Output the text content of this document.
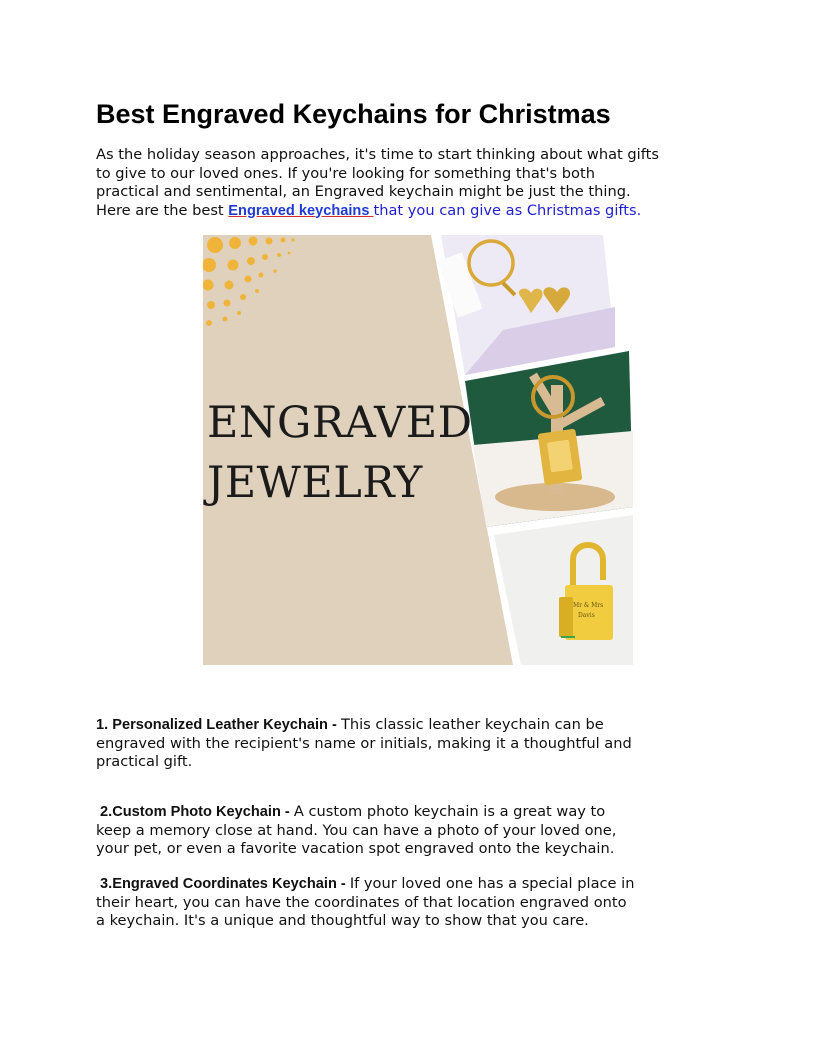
Best Engraved Keychains for Christmas
As the holiday season approaches, it's time to start thinking about what gifts
to give to our loved ones. If you're looking for something that's both
practical and sentimental, an Engraved keychain might be just the thing.
Here are the best Engraved keychains that you can give as Christmas gifts.
Mr & Mrs
Davis
ENGRAVED
JEWELRY
1. Personalized Leather Keychain - This classic leather keychain can be
engraved with the recipient's name or initials, making it a thoughtful and
practical gift.
2.Custom Photo Keychain - A custom photo keychain is a great way to
keep a memory close at hand. You can have a photo of your loved one,
your pet, or even a favorite vacation spot engraved onto the keychain.
3.Engraved Coordinates Keychain - If your loved one has a special place in
their heart, you can have the coordinates of that location engraved onto
a keychain. It's a unique and thoughtful way to show that you care.
